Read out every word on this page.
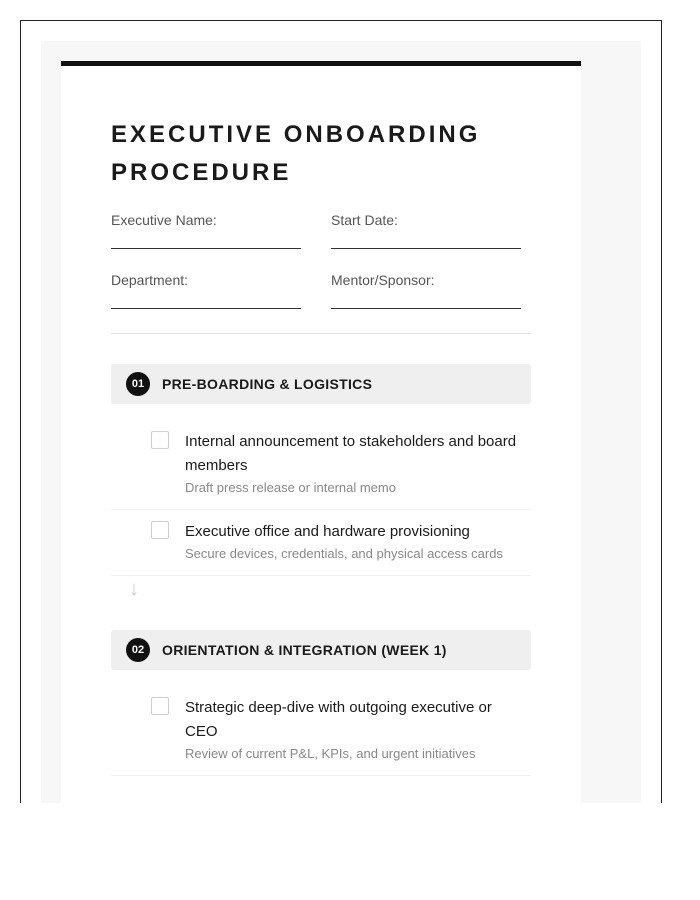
EXECUTIVE ONBOARDING PROCEDURE
Executive Name:	Start Date:
Department:	Mentor/Sponsor:
01	PRE-BOARDING & LOGISTICS
Internal announcement to stakeholders and board members
Draft press release or internal memo
Executive office and hardware provisioning
Secure devices, credentials, and physical access cards
↓
02	ORIENTATION & INTEGRATION (WEEK 1)
Strategic deep-dive with outgoing executive or CEO
Review of current P&L, KPIs, and urgent initiatives
